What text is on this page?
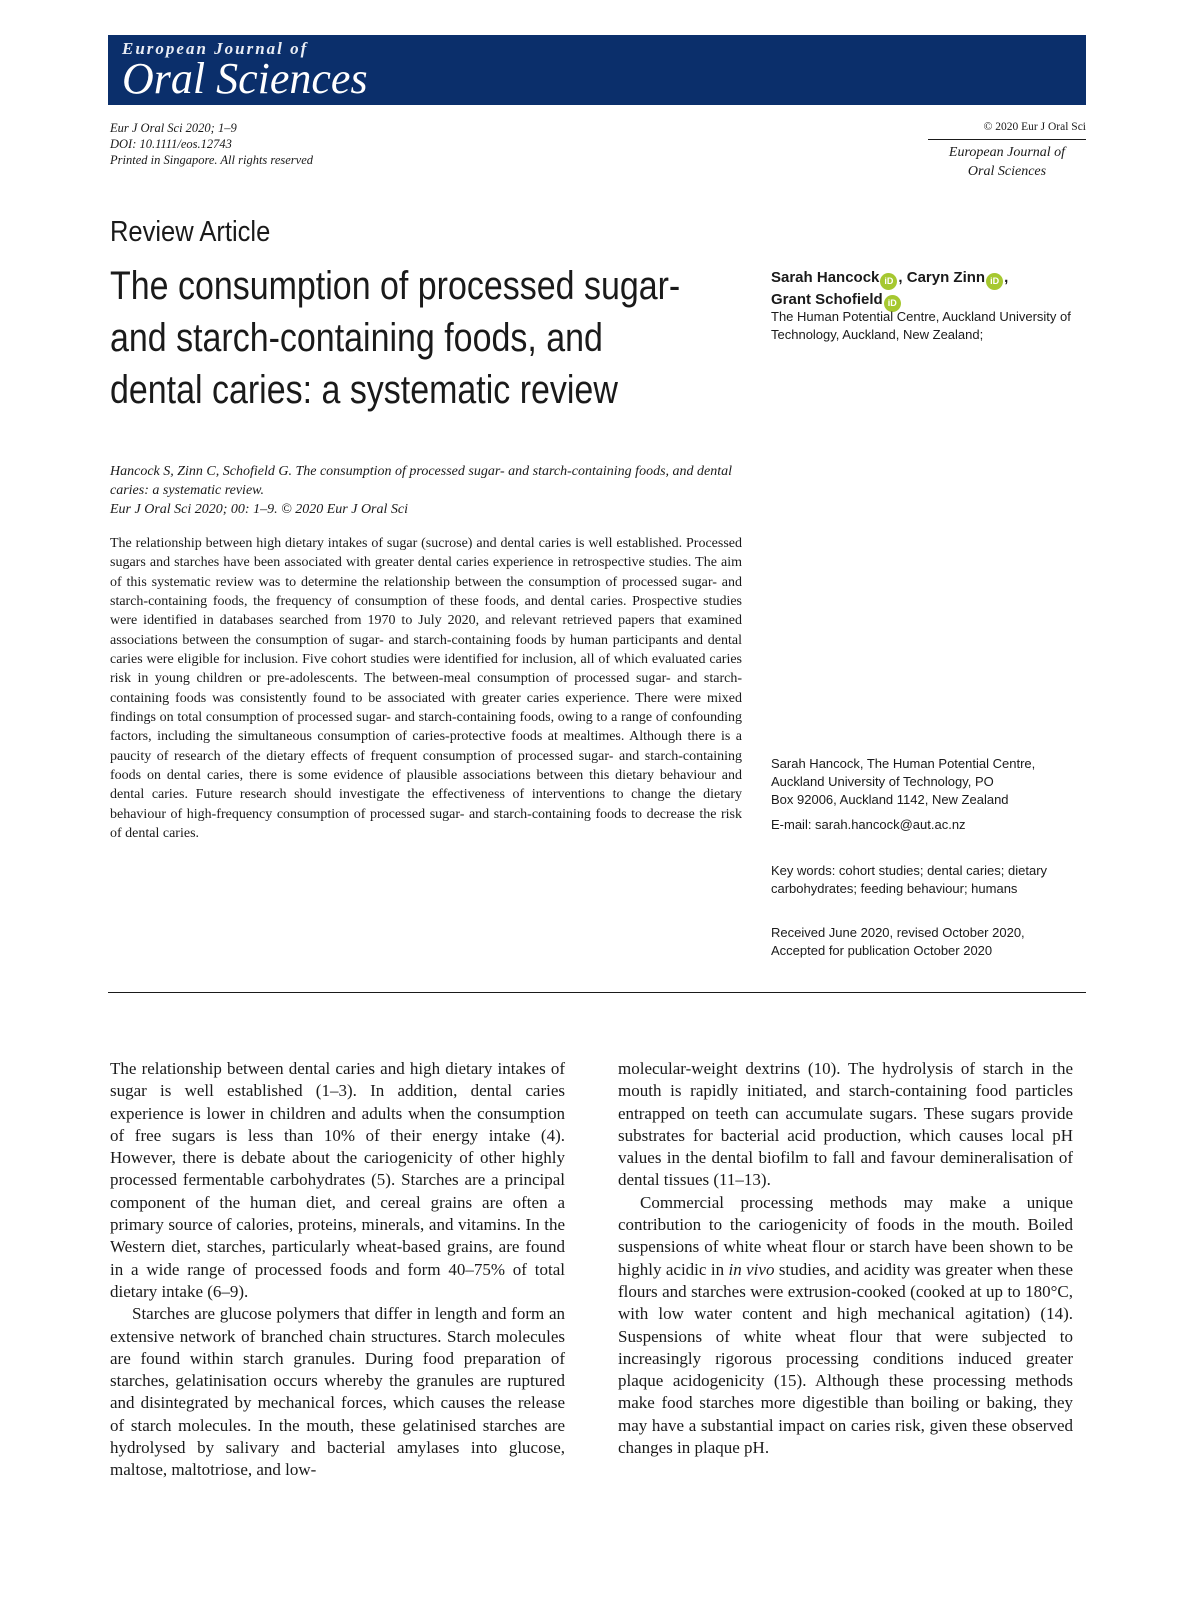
European Journal of
Oral Sciences
Eur J Oral Sci 2020; 1–9
DOI: 10.1111/eos.12743
Printed in Singapore. All rights reserved
© 2020 Eur J Oral Sci
European Journal of
Oral Sciences
Review Article
The consumption of processed sugar-
and starch-containing foods, and
dental caries: a systematic review
Sarah Hancock iD , Caryn Zinn iD ,
Grant Schofield iD
The Human Potential Centre, Auckland University of Technology, Auckland, New Zealand;
Hancock S, Zinn C, Schofield G. The consumption of processed sugar- and starch-containing foods, and dental caries: a systematic review.
Eur J Oral Sci 2020; 00: 1–9. © 2020 Eur J Oral Sci

The relationship between high dietary intakes of sugar (sucrose) and dental caries is well established. Processed sugars and starches have been associated with greater dental caries experience in retrospective studies. The aim of this systematic review was to determine the relationship between the consumption of processed sugar- and starch-containing foods, the frequency of consumption of these foods, and dental caries. Prospective studies were identified in databases searched from 1970 to July 2020, and relevant retrieved papers that examined associations between the consumption of sugar- and starch-containing foods by human participants and dental caries were eligible for inclusion. Five cohort studies were identified for inclusion, all of which evaluated caries risk in young children or pre-adolescents. The between-meal consumption of processed sugar- and starch-containing foods was consistently found to be associated with greater caries experience. There were mixed findings on total consumption of processed sugar- and starch-containing foods, owing to a range of confounding factors, including the simultaneous consumption of caries-protective foods at mealtimes. Although there is a paucity of research of the dietary effects of frequent consumption of processed sugar- and starch-containing foods on dental caries, there is some evidence of plausible associations between this dietary behaviour and dental caries. Future research should investigate the effectiveness of interventions to change the dietary behaviour of high-frequency consumption of processed sugar- and starch-containing foods to decrease the risk of dental caries.

Sarah Hancock, The Human Potential Centre, Auckland University of Technology, PO

Box 92006, Auckland 1142, New Zealand

E-mail: sarah.hancock@aut.ac.nz

Key words: cohort studies; dental caries; dietary carbohydrates; feeding behaviour; humans

Received June 2020, revised October 2020,
Accepted for publication October 2020

The relationship between dental caries and high dietary intakes of sugar is well established (1–3). In addition, dental caries experience is lower in children and adults when the consumption of free sugars is less than 10% of their energy intake (4). However, there is debate about the cariogenicity of other highly processed fermentable carbohydrates (5). Starches are a principal component of the human diet, and cereal grains are often a primary source of calories, proteins, minerals, and vitamins. In the Western diet, starches, particularly wheat-based grains, are found in a wide range of processed foods and form 40–75% of total dietary intake (6–9).

Starches are glucose polymers that differ in length and form an extensive network of branched chain structures. Starch molecules are found within starch granules. During food preparation of starches, gelatinisation occurs whereby the granules are ruptured and disintegrated by mechanical forces, which causes the release of starch molecules. In the mouth, these gelatinised starches are hydrolysed by salivary and bacterial amylases into glucose, maltose, maltotriose, and low-

molecular-weight dextrins (10). The hydrolysis of starch in the mouth is rapidly initiated, and starch-containing food particles entrapped on teeth can accumulate sugars. These sugars provide substrates for bacterial acid production, which causes local pH values in the dental biofilm to fall and favour demineralisation of dental tissues (11–13).

Commercial processing methods may make a unique contribution to the cariogenicity of foods in the mouth. Boiled suspensions of white wheat flour or starch have been shown to be highly acidic in in vivo studies, and acidity was greater when these flours and starches were extrusion-cooked (cooked at up to 180°C, with low water content and high mechanical agitation) (14). Suspensions of white wheat flour that were subjected to increasingly rigorous processing conditions induced greater plaque acidogenicity (15). Although these processing methods make food starches more digestible than boiling or baking, they may have a substantial impact on caries risk, given these observed changes in plaque pH.
